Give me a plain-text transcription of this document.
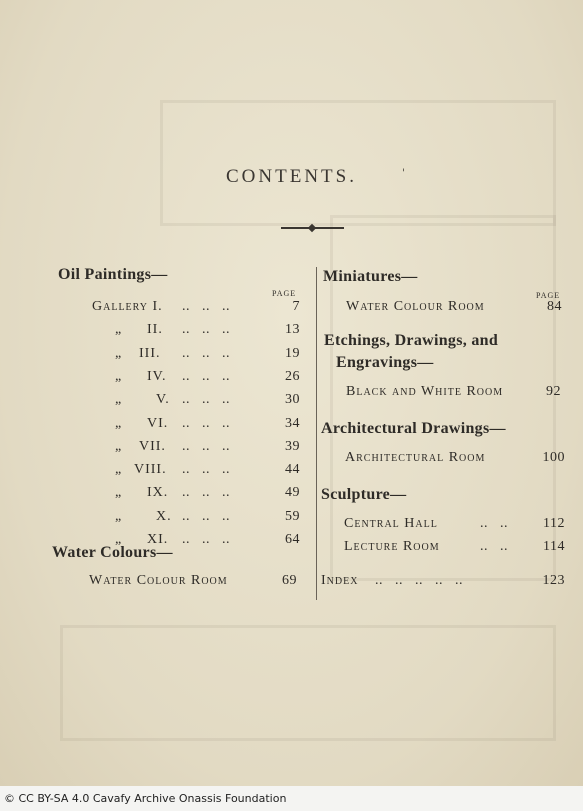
CONTENTS.	'
Oil Paintings—
PAGE
Gallery I. ..   ..   ..	7
„ II. ..   ..   ..	13
„ III. ..   ..   ..	19
„ IV. ..   ..   ..	26
„ V. ..   ..   ..	30
„ VI. ..   ..   ..	34
„ VII. ..   ..   ..	39
„ VIII. ..   ..   ..	44
„ IX. ..   ..   ..	49
„ X. ..   ..   ..	59
„ XI. ..   ..   ..	64
Water Colours—
Water Colour Room	69
Miniatures—
PAGE
Water Colour Room	84
Etchings, Drawings, and
Engravings—
Black and White Room	92
Architectural Drawings—
Architectural Room	100
Sculpture—
Central Hall	..   ..	112
Lecture Room	..   ..	114
Index ..   ..   ..   ..   ..	123
© CC BY-SA 4.0 Cavafy Archive Onassis Foundation
